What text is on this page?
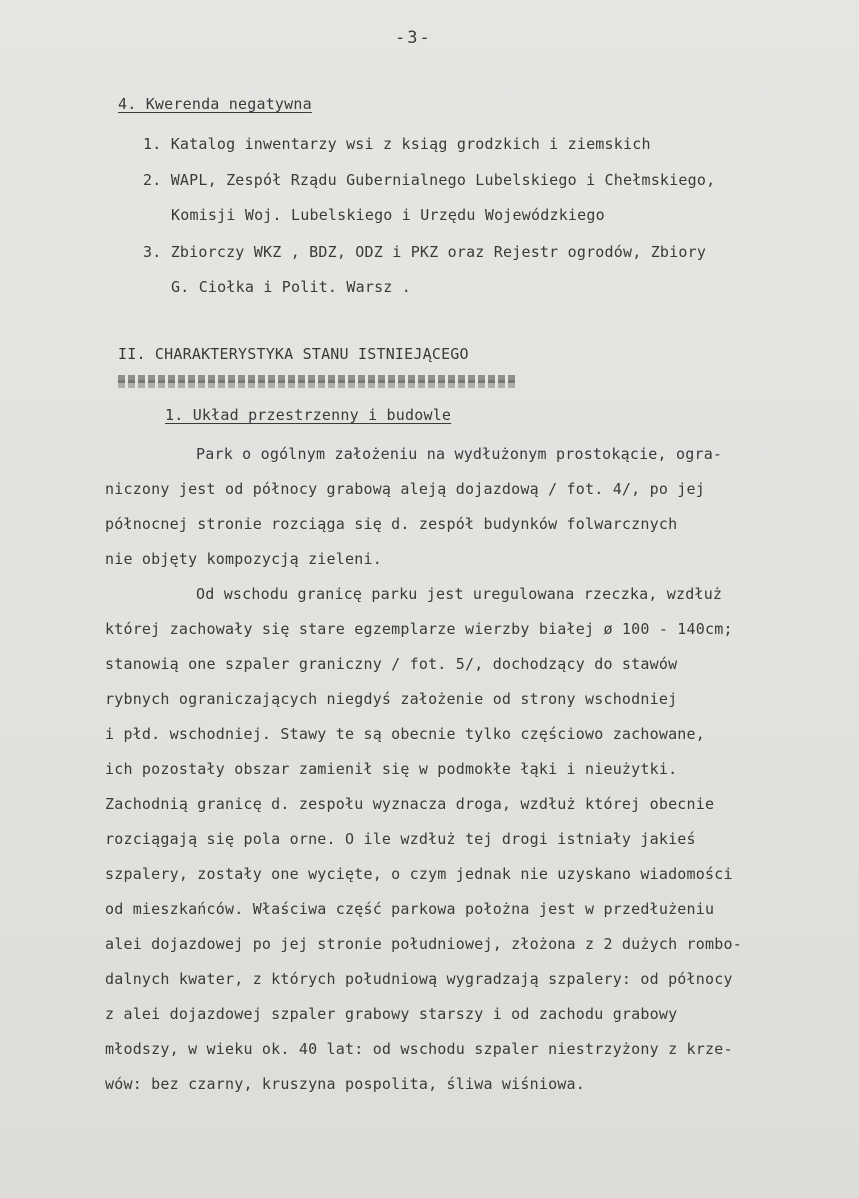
-3-
4. Kwerenda negatywna
1. Katalog inwentarzy wsi z ksiąg grodzkich i ziemskich
2. WAPL, Zespół Rządu Gubernialnego Lubelskiego i Chełmskiego,
Komisji Woj. Lubelskiego i Urzędu Wojewódzkiego
3. Zbiorczy WKZ , BDZ, ODZ i PKZ oraz Rejestr ogrodów, Zbiory
G. Ciołka i Polit. Warsz .
II. CHARAKTERYSTYKA STANU ISTNIEJĄCEGO
1. Układ przestrzenny i budowle
Park o ogólnym założeniu na wydłużonym prostokącie, ogra-
niczony jest od północy grabową aleją dojazdową / fot. 4/, po jej
północnej stronie rozciąga się d. zespół budynków folwarcznych
nie objęty kompozycją zieleni.
Od wschodu granicę parku jest uregulowana rzeczka, wzdłuż
której zachowały się stare egzemplarze wierzby białej ø 100 - 140cm;
stanowią one szpaler graniczny / fot. 5/, dochodzący do stawów
rybnych ograniczających niegdyś założenie od strony wschodniej
i płd. wschodniej. Stawy te są obecnie tylko częściowo zachowane,
ich pozostały obszar zamienił się w podmokłe łąki i nieużytki.
Zachodnią granicę d. zespołu wyznacza droga, wzdłuż której obecnie
rozciągają się pola orne. O ile wzdłuż tej drogi istniały jakieś
szpalery, zostały one wycięte, o czym jednak nie uzyskano wiadomości
od mieszkańców. Właściwa część parkowa położna jest w przedłużeniu
alei dojazdowej po jej stronie południowej, złożona z 2 dużych rombo-
dalnych kwater, z których południową wygradzają szpalery: od północy
z alei dojazdowej szpaler grabowy starszy i od zachodu grabowy
młodszy, w wieku ok. 40 lat: od wschodu szpaler niestrzyżony z krze-
wów: bez czarny, kruszyna pospolita, śliwa wiśniowa.
